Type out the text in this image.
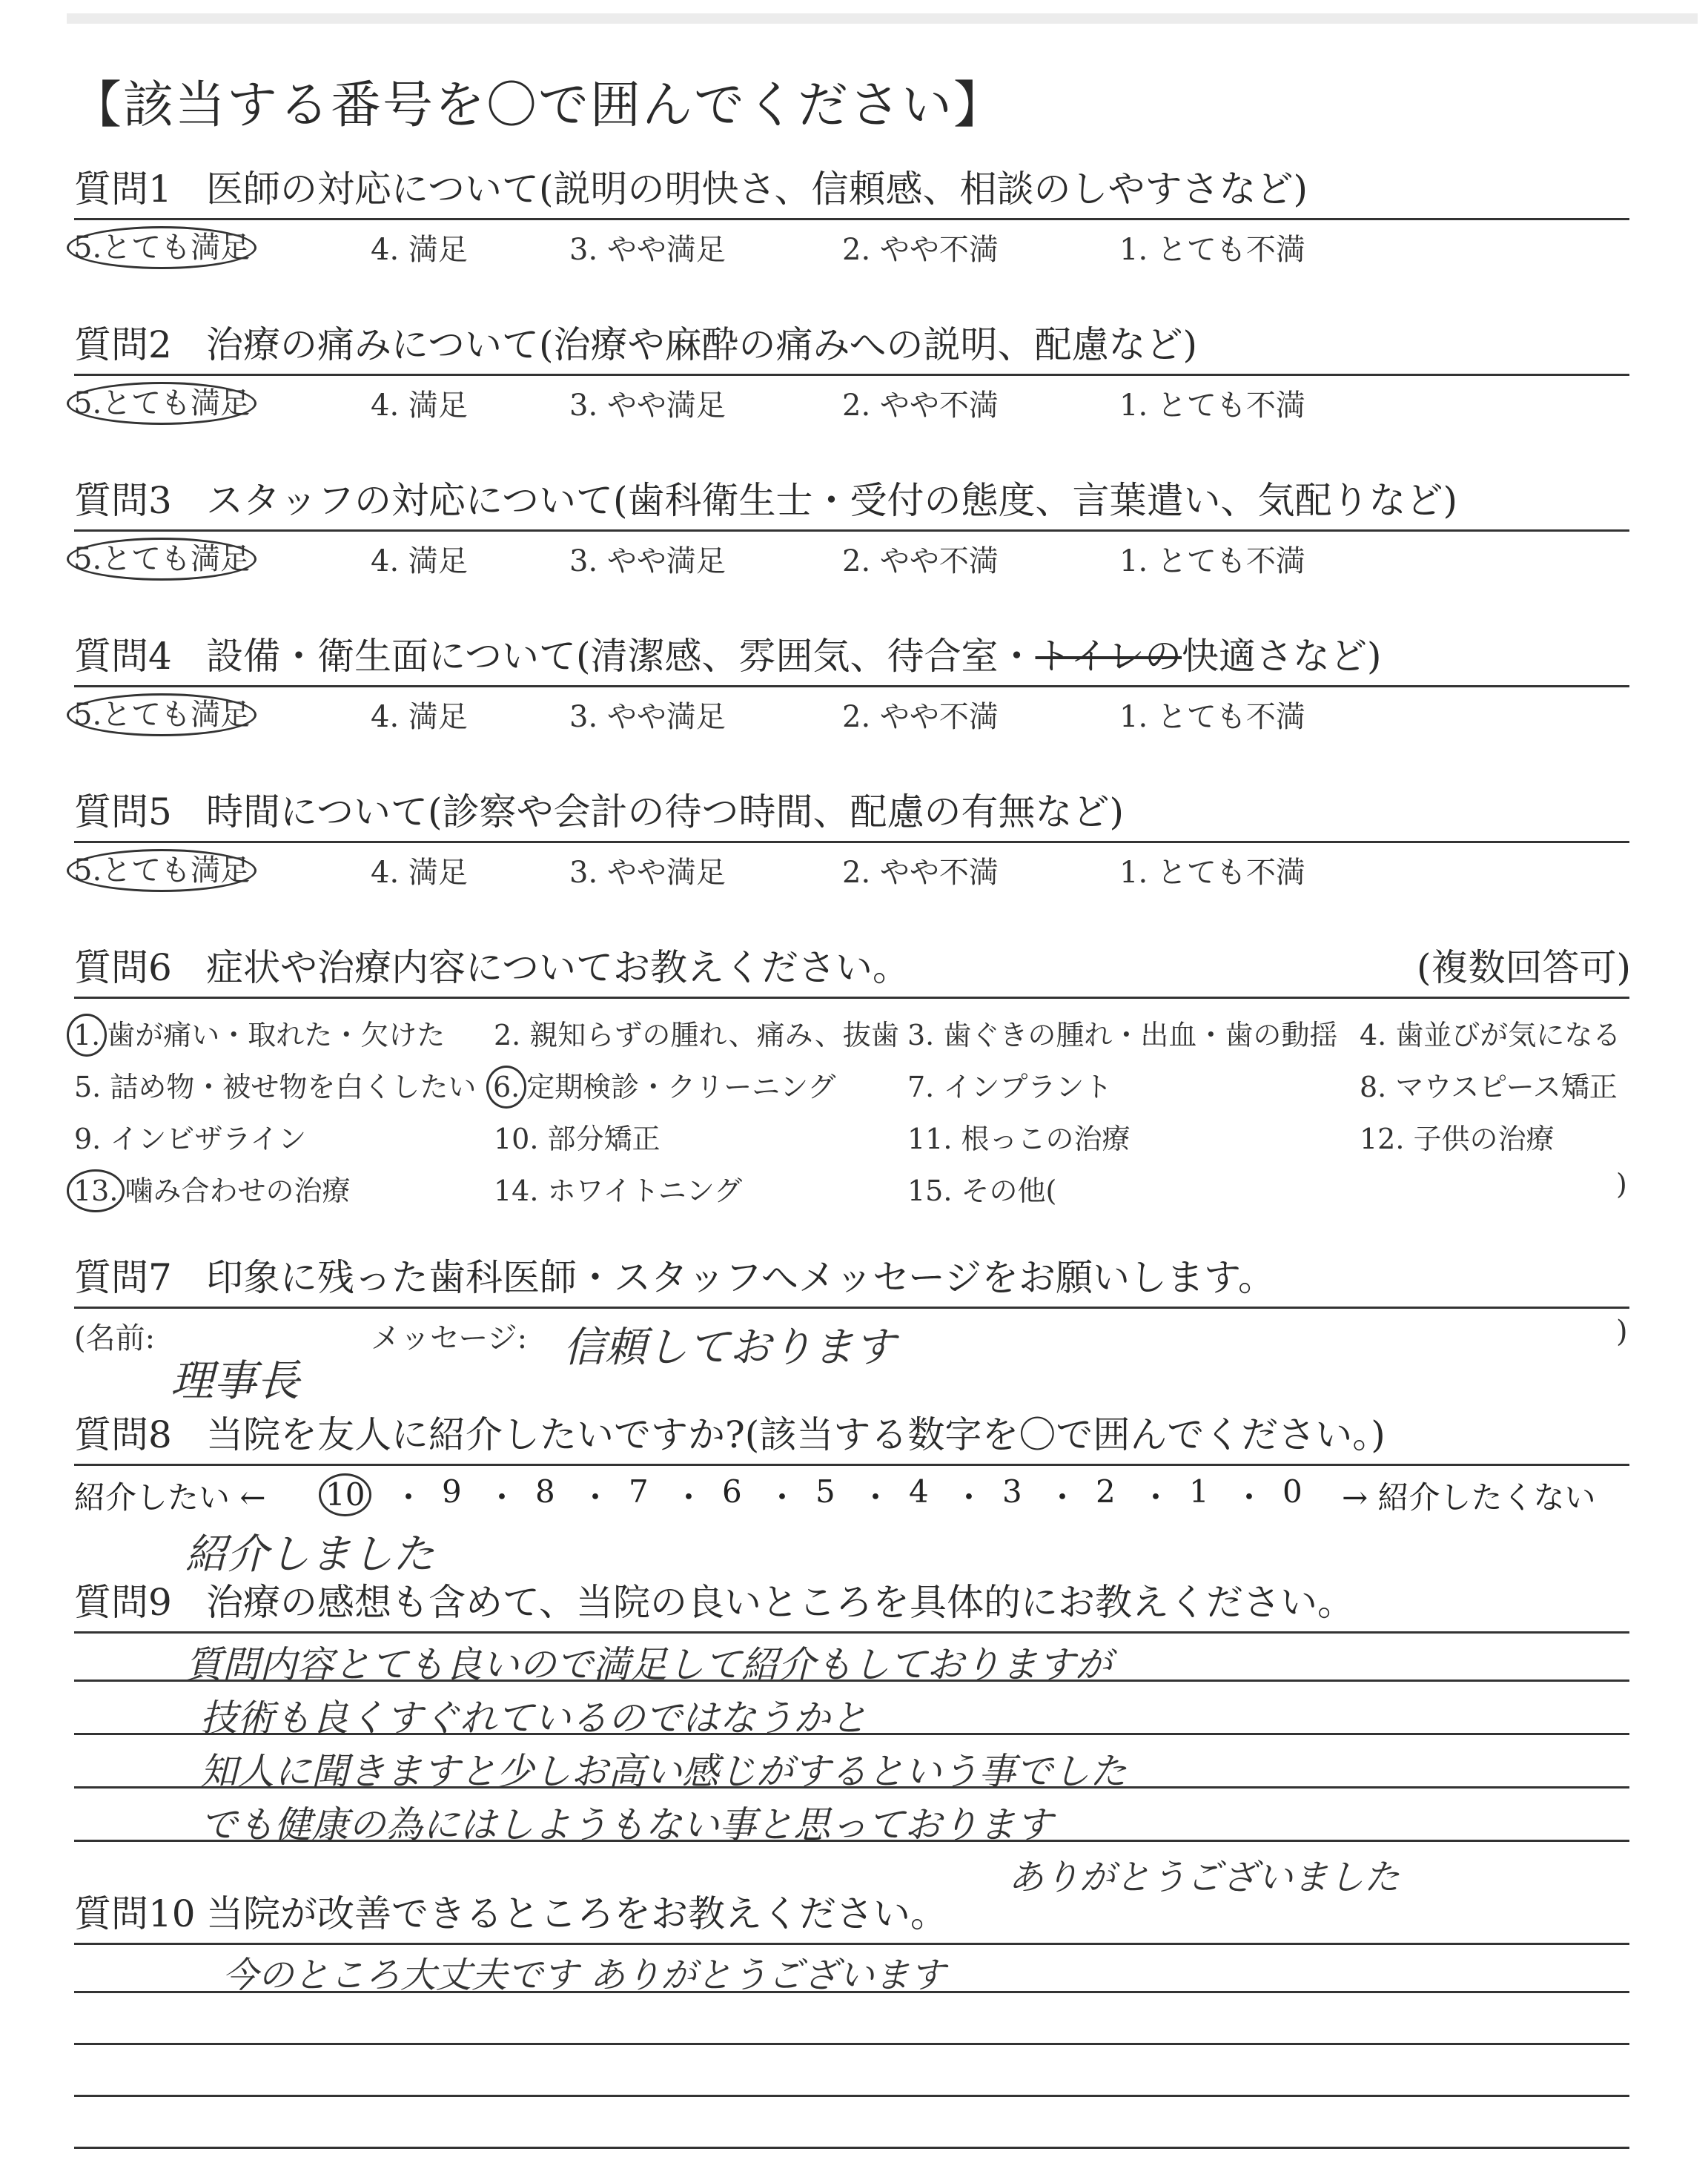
【該当する番号を〇で囲んでください】
質問1 医師の対応について(説明の明快さ、信頼感、相談のしやすさなど)
5.とても満足	4. 満足	3. やや満足	2. やや不満	1. とても不満
質問2 治療の痛みについて(治療や麻酔の痛みへの説明、配慮など)
5.とても満足	4. 満足	3. やや満足	2. やや不満	1. とても不満
質問3 スタッフの対応について(歯科衛生士・受付の態度、言葉遣い、気配りなど)
5.とても満足	4. 満足	3. やや満足	2. やや不満	1. とても不満
質問4 設備・衛生面について(清潔感、雰囲気、待合室・トイレの快適さなど)
5.とても満足	4. 満足	3. やや満足	2. やや不満	1. とても不満
質問5 時間について(診察や会計の待つ時間、配慮の有無など)
5.とても満足	4. 満足	3. やや満足	2. やや不満	1. とても不満
質問6 症状や治療内容についてお教えください。	(複数回答可)
1. 歯が痛い・取れた・欠けた 2. 親知らずの腫れ、痛み、抜歯 3. 歯ぐきの腫れ・出血・歯の動揺 4. 歯並びが気になる
5. 詰め物・被せ物を白くしたい 6. 定期検診・クリーニング	7. インプラント	8. マウスピース矯正
9. インビザライン	10. 部分矯正	11. 根っこの治療	12. 子供の治療
13. 噛み合わせの治療	14. ホワイトニング	15. その他(	)
質問7 印象に残った歯科医師・スタッフへメッセージをお願いします。
(名前:
理事長
メッセージ: 信頼しております	)
質問8 当院を友人に紹介したいですか?(該当する数字を〇で囲んでください。)
紹介したい ← 10 ・ 9 ・ 8 ・ 7 ・ 6 ・ 5 ・ 4 ・ 3 ・ 2 ・ 1 ・ 0 → 紹介したくない
紹介しました
質問9 治療の感想も含めて、当院の良いところを具体的にお教えください。
質問内容とても良いので満足して紹介もしておりますが
技術も良くすぐれているのではなうかと
知人に聞きますと少しお高い感じがするという事でした
でも健康の為にはしようもない事と思っております
ありがとうございました
質問10 当院が改善できるところをお教えください。
今のところ大丈夫です ありがとうございます
